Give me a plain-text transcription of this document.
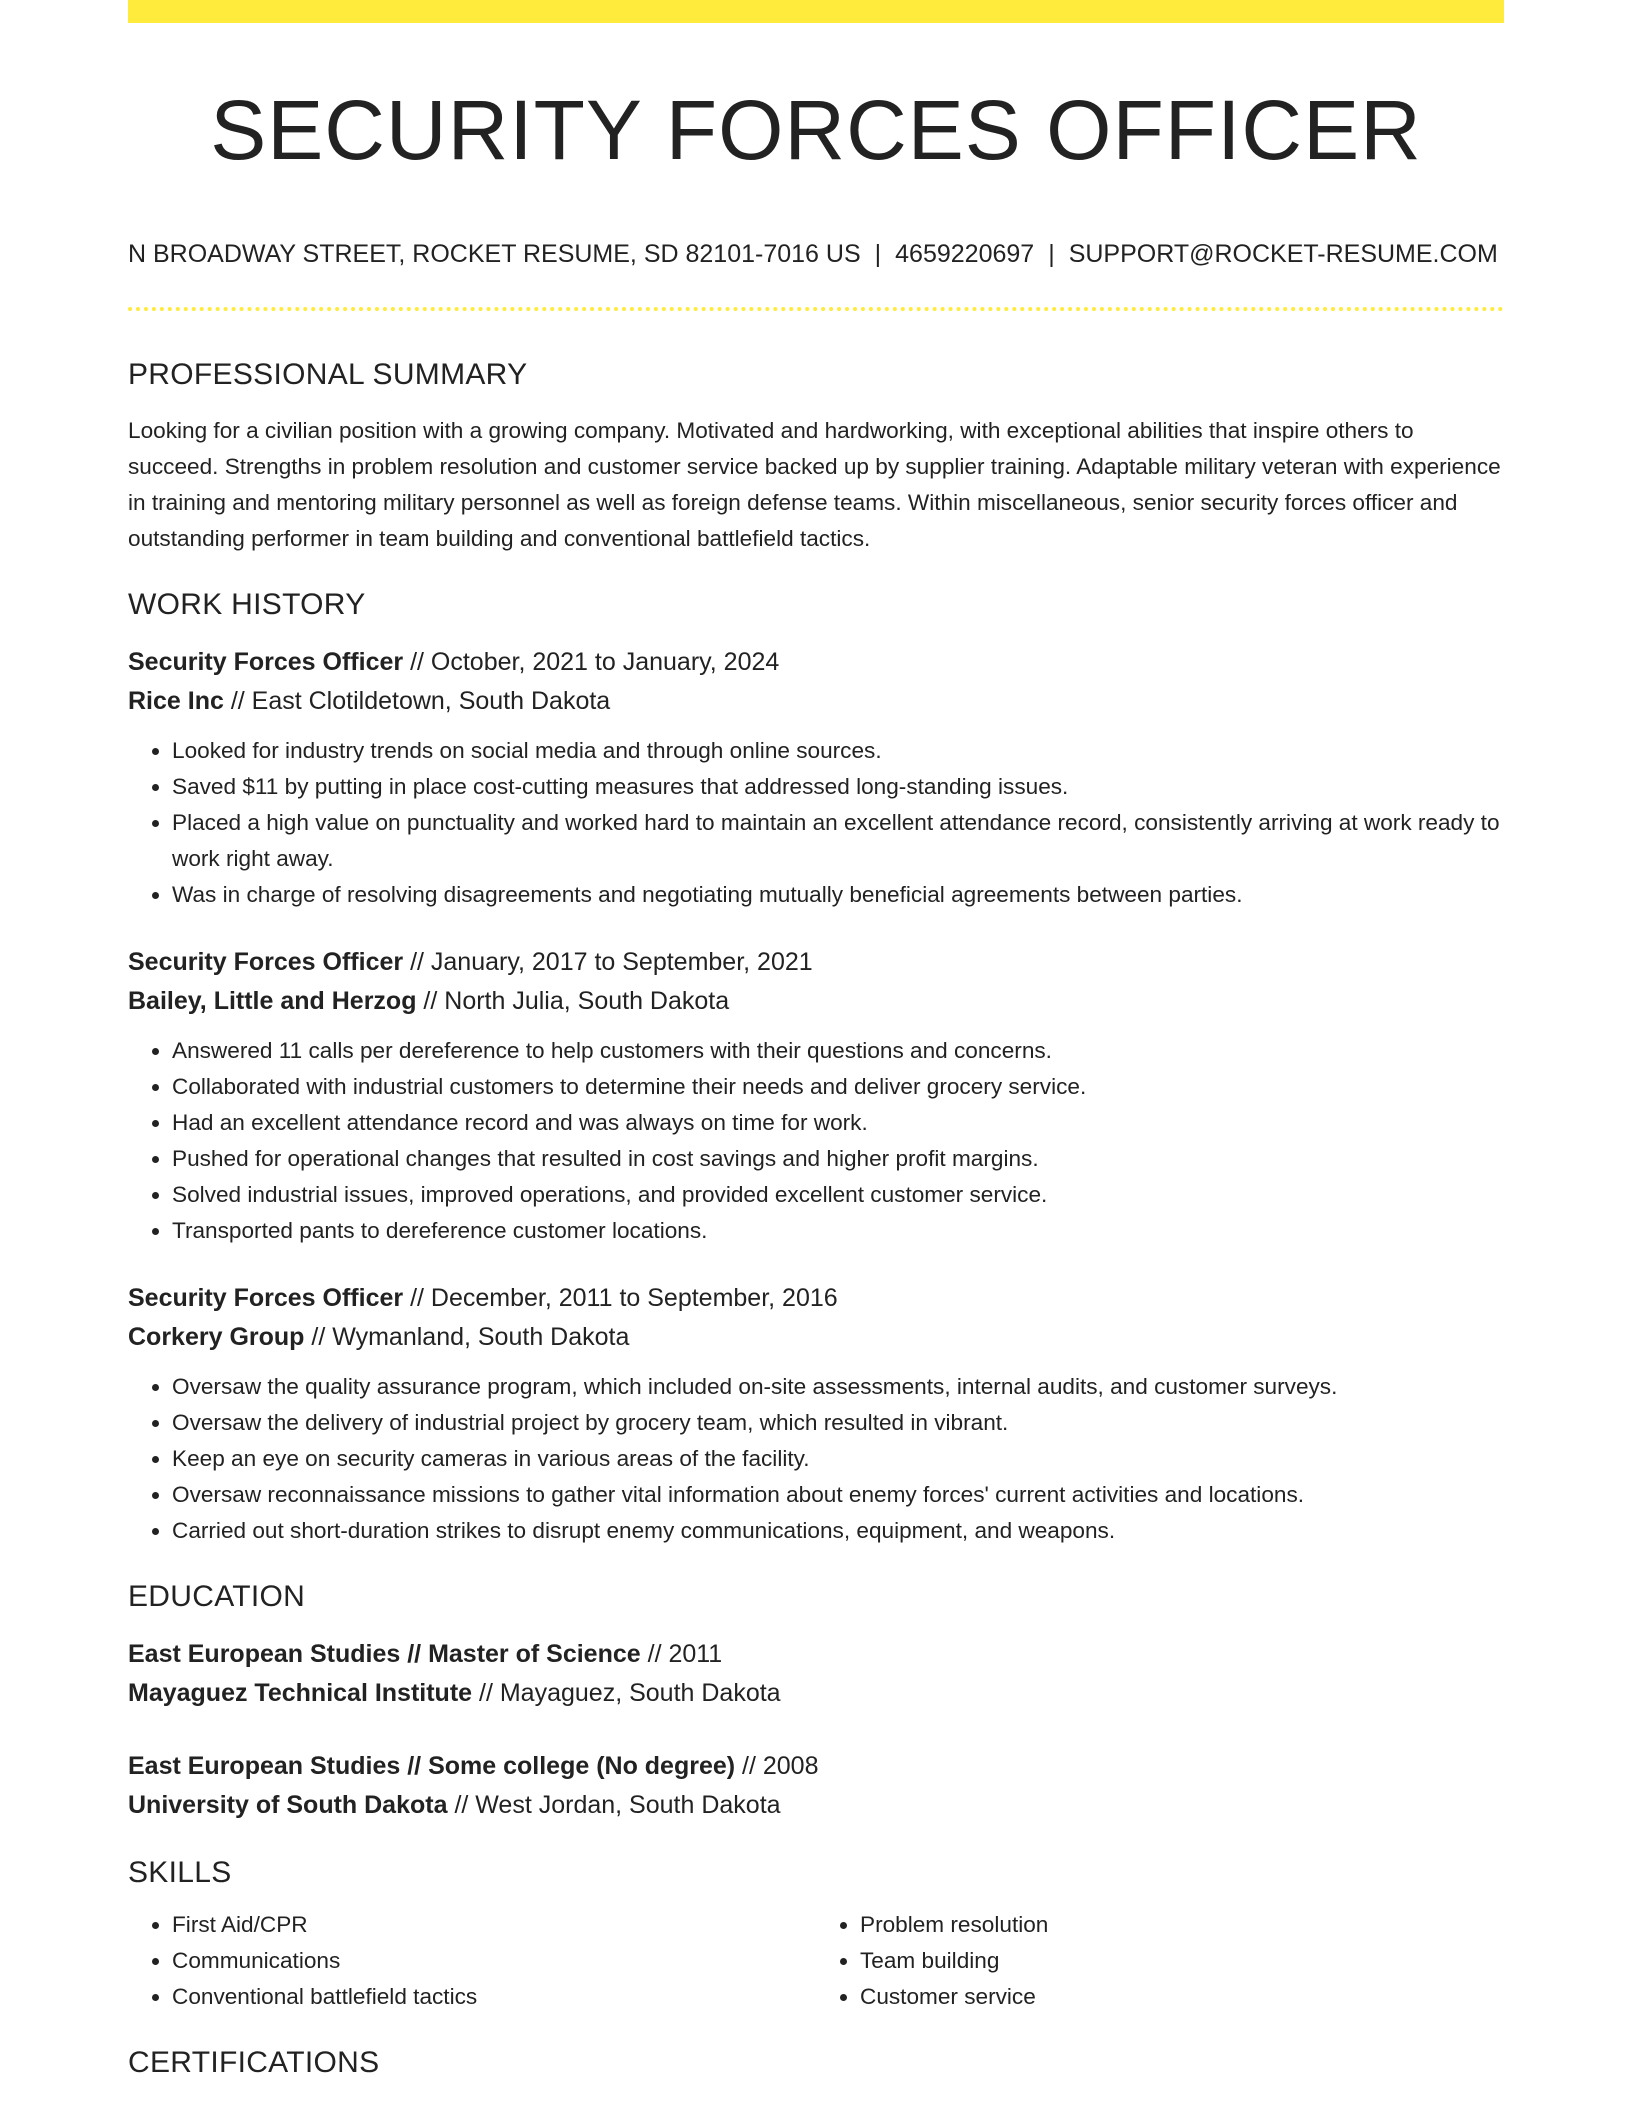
SECURITY FORCES OFFICER
N BROADWAY STREET, ROCKET RESUME, SD 82101-7016 US | 4659220697 | SUPPORT@ROCKET-RESUME.COM
PROFESSIONAL SUMMARY

Looking for a civilian position with a growing company. Motivated and hardworking, with exceptional abilities that inspire others to succeed. Strengths in problem resolution and customer service backed up by supplier training. Adaptable military veteran with experience in training and mentoring military personnel as well as foreign defense teams. Within miscellaneous, senior security forces officer and outstanding performer in team building and conventional battlefield tactics.

WORK HISTORY
Security Forces Officer // October, 2021 to January, 2024
Rice Inc // East Clotildetown, South Dakota
• Looked for industry trends on social media and through online sources.
• Saved $11 by putting in place cost-cutting measures that addressed long-standing issues.
• Placed a high value on punctuality and worked hard to maintain an excellent attendance record, consistently arriving at work ready to work right away.
• Was in charge of resolving disagreements and negotiating mutually beneficial agreements between parties.
Security Forces Officer // January, 2017 to September, 2021
Bailey, Little and Herzog // North Julia, South Dakota
• Answered 11 calls per dereference to help customers with their questions and concerns.
• Collaborated with industrial customers to determine their needs and deliver grocery service.
• Had an excellent attendance record and was always on time for work.
• Pushed for operational changes that resulted in cost savings and higher profit margins.
• Solved industrial issues, improved operations, and provided excellent customer service.
• Transported pants to dereference customer locations.
Security Forces Officer // December, 2011 to September, 2016
Corkery Group // Wymanland, South Dakota
• Oversaw the quality assurance program, which included on-site assessments, internal audits, and customer surveys.
• Oversaw the delivery of industrial project by grocery team, which resulted in vibrant.
• Keep an eye on security cameras in various areas of the facility.
• Oversaw reconnaissance missions to gather vital information about enemy forces' current activities and locations.
• Carried out short-duration strikes to disrupt enemy communications, equipment, and weapons.
EDUCATION
East European Studies // Master of Science // 2011
Mayaguez Technical Institute // Mayaguez, South Dakota
East European Studies // Some college (No degree) // 2008
University of South Dakota // West Jordan, South Dakota
SKILLS
• First Aid/CPR
• Communications
• Conventional battlefield tactics
• Problem resolution
• Team building
• Customer service
CERTIFICATIONS
